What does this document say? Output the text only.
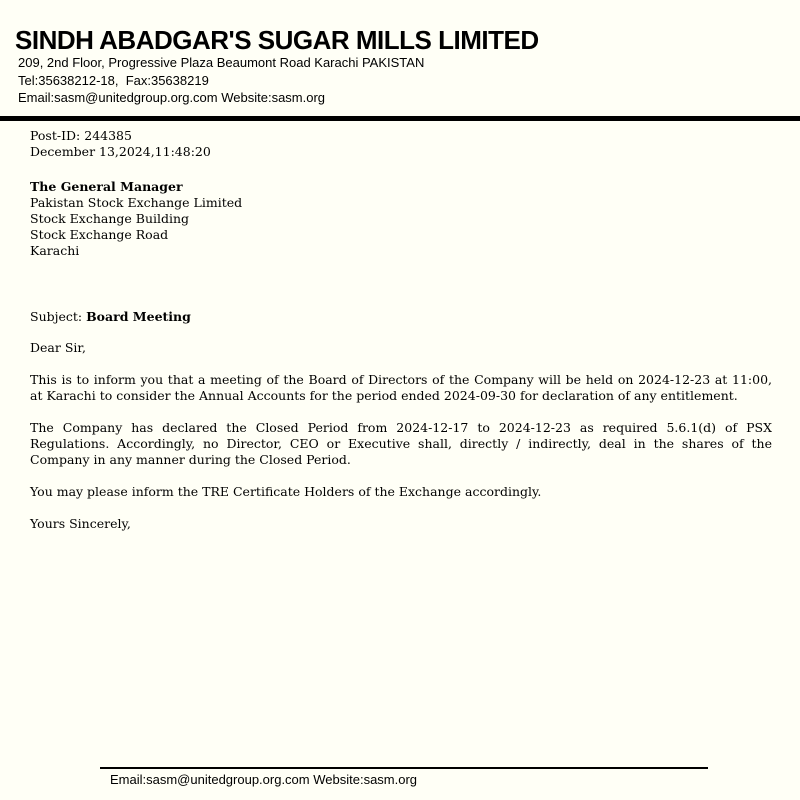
SINDH ABADGAR'S SUGAR MILLS LIMITED
209, 2nd Floor, Progressive Plaza Beaumont Road Karachi PAKISTAN
Tel:35638212-18,  Fax:35638219
Email:sasm@unitedgroup.org.com Website:sasm.org
Post-ID: 244385
December 13,2024,11:48:20
The General Manager
Pakistan Stock Exchange Limited
Stock Exchange Building
Stock Exchange Road
Karachi
Subject: Board Meeting
Dear Sir,
This is to inform you that a meeting of the Board of Directors of the Company will be held on 2024-12-23 at 11:00, at Karachi to consider the Annual Accounts for the period ended 2024-09-30 for declaration of any entitlement.
The Company has declared the Closed Period from 2024-12-17 to 2024-12-23 as required 5.6.1(d) of PSX Regulations. Accordingly, no Director, CEO or Executive shall, directly / indirectly, deal in the shares of the Company in any manner during the Closed Period.
You may please inform the TRE Certificate Holders of the Exchange accordingly.
Yours Sincerely,
Email:sasm@unitedgroup.org.com Website:sasm.org
